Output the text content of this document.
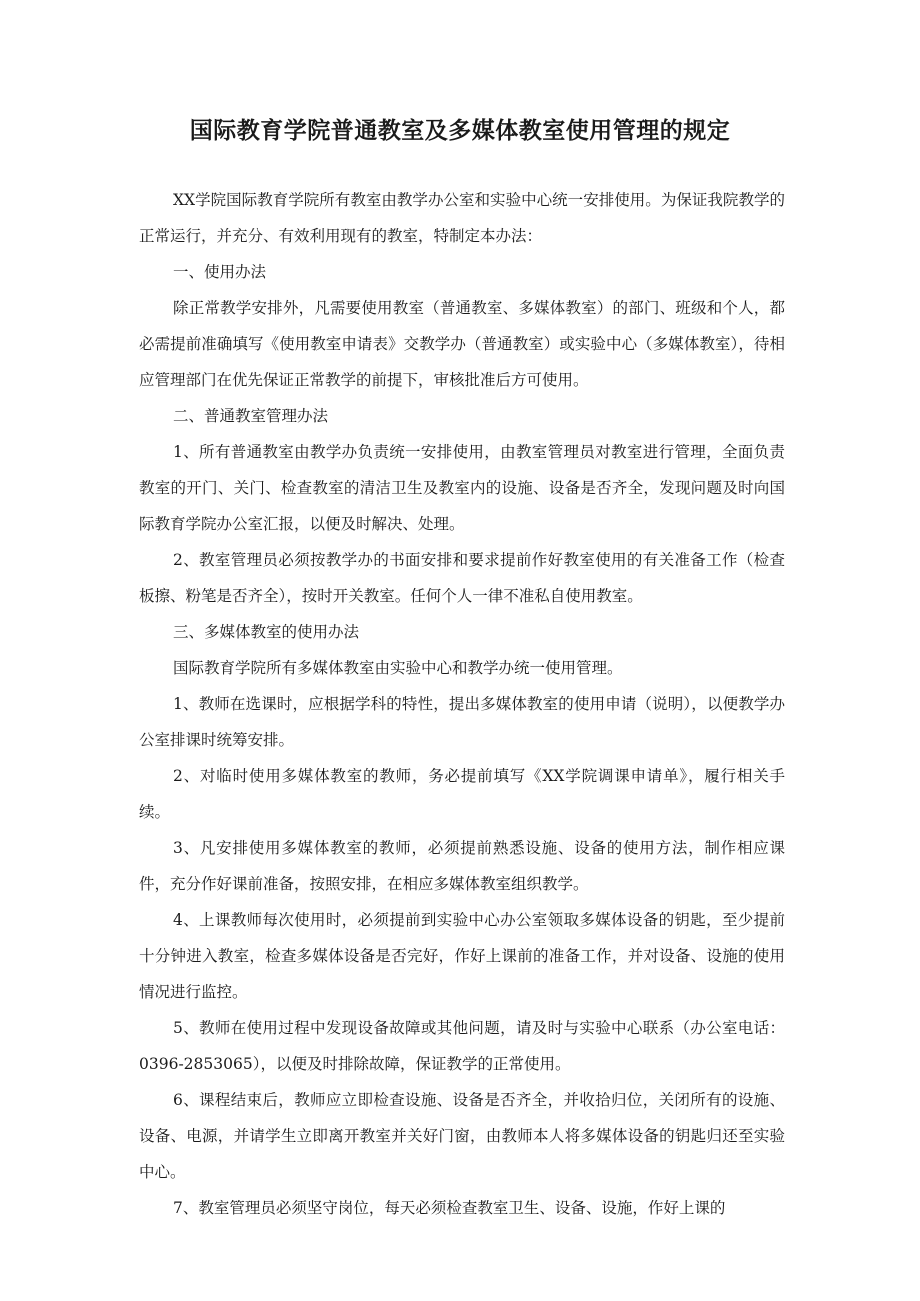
国际教育学院普通教室及多媒体教室使用管理的规定

XX学院国际教育学院所有教室由教学办公室和实验中心统一安排使用。为保证我院教学的正常运行，并充分、有效利用现有的教室，特制定本办法：

一、使用办法

除正常教学安排外，凡需要使用教室（普通教室、多媒体教室）的部门、班级和个人，都必需提前准确填写《使用教室申请表》交教学办（普通教室）或实验中心（多媒体教室），待相应管理部门在优先保证正常教学的前提下，审核批准后方可使用。

二、普通教室管理办法

1、所有普通教室由教学办负责统一安排使用，由教室管理员对教室进行管理，全面负责教室的开门、关门、检查教室的清洁卫生及教室内的设施、设备是否齐全，发现问题及时向国际教育学院办公室汇报，以便及时解决、处理。

2、教室管理员必须按教学办的书面安排和要求提前作好教室使用的有关准备工作（检查板擦、粉笔是否齐全），按时开关教室。任何个人一律不准私自使用教室。

三、多媒体教室的使用办法

国际教育学院所有多媒体教室由实验中心和教学办统一使用管理。

1、教师在选课时，应根据学科的特性，提出多媒体教室的使用申请（说明），以便教学办公室排课时统筹安排。

2、对临时使用多媒体教室的教师，务必提前填写《XX学院调课申请单》，履行相关手续。

3、凡安排使用多媒体教室的教师，必须提前熟悉设施、设备的使用方法，制作相应课件，充分作好课前准备，按照安排，在相应多媒体教室组织教学。

4、上课教师每次使用时，必须提前到实验中心办公室领取多媒体设备的钥匙，至少提前十分钟进入教室，检查多媒体设备是否完好，作好上课前的准备工作，并对设备、设施的使用情况进行监控。

5、教师在使用过程中发现设备故障或其他问题，请及时与实验中心联系（办公室电话：0396-2853065），以便及时排除故障，保证教学的正常使用。

6、课程结束后，教师应立即检查设施、设备是否齐全，并收拾归位，关闭所有的设施、设备、电源，并请学生立即离开教室并关好门窗，由教师本人将多媒体设备的钥匙归还至实验中心。

7、教室管理员必须坚守岗位，每天必须检查教室卫生、设备、设施，作好上课的
